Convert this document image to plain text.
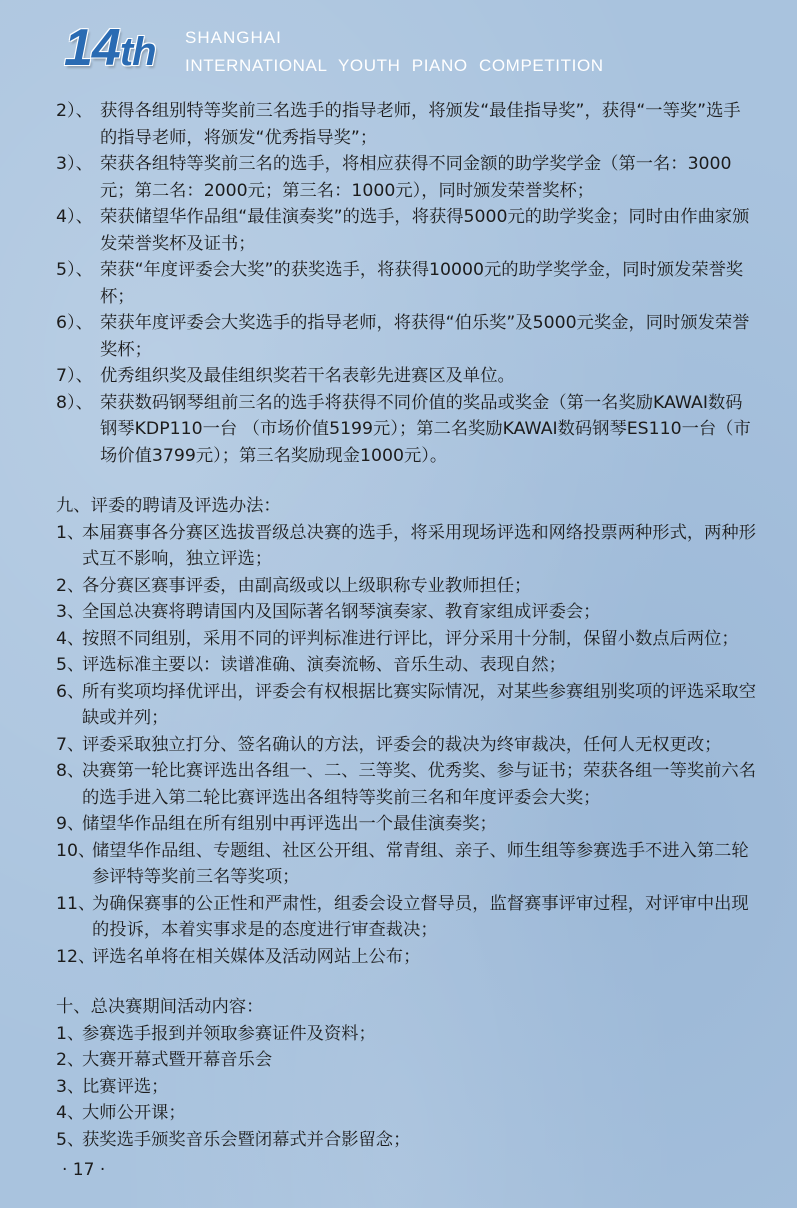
14th SHANGHAI
INTERNATIONAL YOUTH PIANO COMPETITION
2）、 获得各组别特等奖前三名选手的指导老师，将颁发“最佳指导奖”，获得“一等奖”选手的指导老师，将颁发“优秀指导奖”；
3）、 荣获各组特等奖前三名的选手，将相应获得不同金额的助学奖学金（第一名：3000元；第二名：2000元；第三名：1000元），同时颁发荣誉奖杯；
4）、 荣获储望华作品组“最佳演奏奖”的选手，将获得5000元的助学奖金；同时由作曲家颁发荣誉奖杯及证书；
5）、 荣获“年度评委会大奖”的获奖选手，将获得10000元的助学奖学金，同时颁发荣誉奖杯；
6）、 荣获年度评委会大奖选手的指导老师，将获得“伯乐奖”及5000元奖金，同时颁发荣誉奖杯；
7）、 优秀组织奖及最佳组织奖若干名表彰先进赛区及单位。
8）、 荣获数码钢琴组前三名的选手将获得不同价值的奖品或奖金（第一名奖励KAWAI数码钢琴KDP110一台 （市场价值5199元）；第二名奖励KAWAI数码钢琴ES110一台（市场价值3799元）；第三名奖励现金1000元）。

九、评委的聘请及评选办法：

1、
本届赛事各分赛区选拔晋级总决赛的选手，将采用现场评选和网络投票两种形式，两种形式互不影响，独立评选；
2、
各分赛区赛事评委，由副高级或以上级职称专业教师担任；
3、
全国总决赛将聘请国内及国际著名钢琴演奏家、教育家组成评委会；
4、
按照不同组别，采用不同的评判标准进行评比，评分采用十分制，保留小数点后两位；
5、
评选标准主要以：读谱准确、演奏流畅、音乐生动、表现自然；
6、
所有奖项均择优评出，评委会有权根据比赛实际情况，对某些参赛组别奖项的评选采取空缺或并列；
7、
评委采取独立打分、签名确认的方法，评委会的裁决为终审裁决，任何人无权更改；
8、
决赛第一轮比赛评选出各组一、二、三等奖、优秀奖、参与证书；荣获各组一等奖前六名的选手进入第二轮比赛评选出各组特等奖前三名和年度评委会大奖；
9、
储望华作品组在所有组别中再评选出一个最佳演奏奖；
10、
储望华作品组、专题组、社区公开组、常青组、亲子、师生组等参赛选手不进入第二轮参评特等奖前三名等奖项；
11、
为确保赛事的公正性和严肃性，组委会设立督导员，监督赛事评审过程，对评审中出现的投诉，本着实事求是的态度进行审查裁决；
12、
评选名单将在相关媒体及活动网站上公布；

十、总决赛期间活动内容：

1、
参赛选手报到并领取参赛证件及资料；
2、
大赛开幕式暨开幕音乐会
3、
比赛评选；
4、
大师公开课；
5、
获奖选手颁奖音乐会暨闭幕式并合影留念；
· 17 ·
